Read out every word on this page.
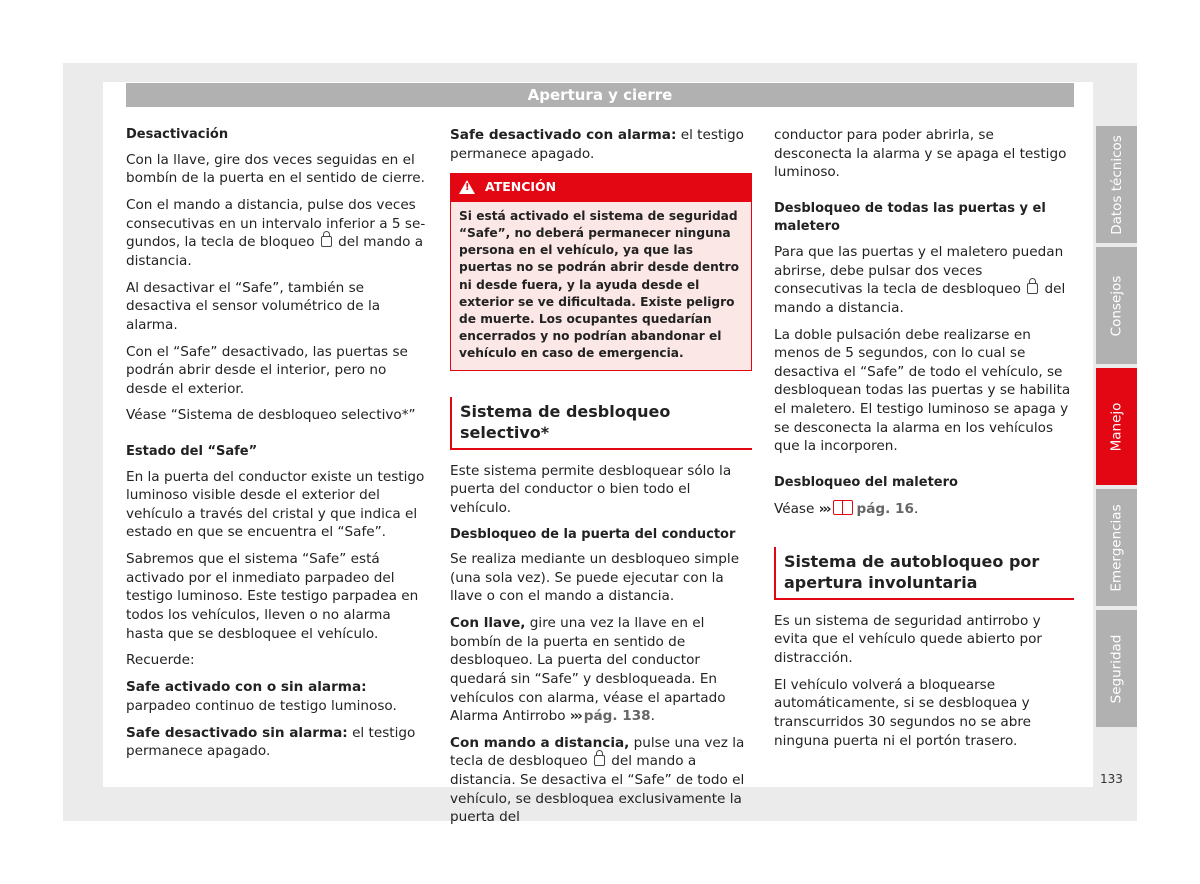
Apertura y cierre

Desactivación

Con la llave, gire dos veces seguidas en el bombín de la puerta en el sentido de cierre.

Con el mando a distancia, pulse dos veces consecutivas en un intervalo inferior a 5 segundos, la tecla de bloqueo del mando a distancia.

Al desactivar el “Safe”, también se desactiva el sensor volumétrico de la alarma.

Con el “Safe” desactivado, las puertas se podrán abrir desde el interior, pero no desde el exterior.

Véase “Sistema de desbloqueo selectivo*”

Estado del “Safe”

En la puerta del conductor existe un testigo luminoso visible desde el exterior del vehículo a través del cristal y que indica el estado en que se encuentra el “Safe”.

Sabremos que el sistema “Safe” está activado por el inmediato parpadeo del testigo luminoso. Este testigo parpadea en todos los vehículos, lleven o no alarma hasta que se desbloquee el vehículo.

Recuerde:

Safe activado con o sin alarma: parpadeo continuo de testigo luminoso.

Safe desactivado sin alarma: el testigo permanece apagado.

Safe desactivado con alarma: el testigo permanece apagado.

! ATENCIÓN
Si está activado el sistema de seguridad “Safe”, no deberá permanecer ninguna persona en el vehículo, ya que las puertas no se podrán abrir desde dentro ni desde fuera, y la ayuda desde el exterior se ve dificultada. Existe peligro de muerte. Los ocupantes quedarían encerrados y no podrían abandonar el vehículo en caso de emergencia.
Sistema de desbloqueo selectivo*

Este sistema permite desbloquear sólo la puerta del conductor o bien todo el vehículo.

Desbloqueo de la puerta del conductor

Se realiza mediante un desbloqueo simple (una sola vez). Se puede ejecutar con la llave o con el mando a distancia.

Con llave, gire una vez la llave en el bombín de la puerta en sentido de desbloqueo. La puerta del conductor quedará sin “Safe” y desbloqueada. En vehículos con alarma, véase el apartado Alarma Antirrobo ››› pág. 138.

Con mando a distancia, pulse una vez la tecla de desbloqueo del mando a distancia. Se desactiva el “Safe” de todo el vehículo, se desbloquea exclusivamente la puerta del

conductor para poder abrirla, se desconecta la alarma y se apaga el testigo luminoso.

Desbloqueo de todas las puertas y el maletero

Para que las puertas y el maletero puedan abrirse, debe pulsar dos veces consecutivas la tecla de desbloqueo del mando a distancia.

La doble pulsación debe realizarse en menos de 5 segundos, con lo cual se desactiva el “Safe” de todo el vehículo, se desbloquean todas las puertas y se habilita el maletero. El testigo luminoso se apaga y se desconecta la alarma en los vehículos que la incorporen.

Desbloqueo del maletero

Véase ››› pág. 16.

Sistema de autobloqueo por apertura involuntaria

Es un sistema de seguridad antirrobo y evita que el vehículo quede abierto por distracción.

El vehículo volverá a bloquearse automáticamente, si se desbloquea y transcurridos 30 segundos no se abre ninguna puerta ni el portón trasero.

Datos técnicos
Consejos
Manejo
Emergencias
Seguridad
133
